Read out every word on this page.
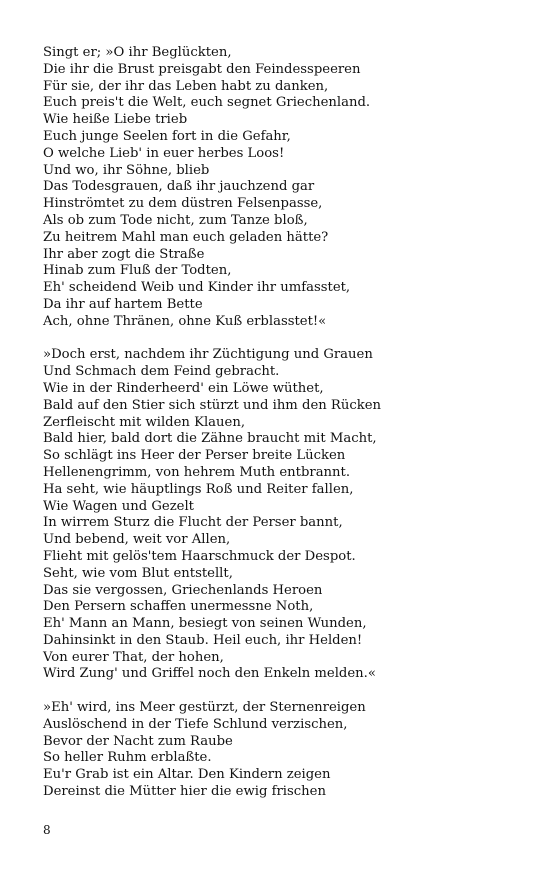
Singt er; »O ihr Beglückten,
Die ihr die Brust preisgabt den Feindesspeeren
Für sie, der ihr das Leben habt zu danken,
Euch preis't die Welt, euch segnet Griechenland.
Wie heiße Liebe trieb
Euch junge Seelen fort in die Gefahr,
O welche Lieb' in euer herbes Loos!
Und wo, ihr Söhne, blieb
Das Todesgrauen, daß ihr jauchzend gar
Hinströmtet zu dem düstren Felsenpasse,
Als ob zum Tode nicht, zum Tanze bloß,
Zu heitrem Mahl man euch geladen hätte?
Ihr aber zogt die Straße
Hinab zum Fluß der Todten,
Eh' scheidend Weib und Kinder ihr umfasstet,
Da ihr auf hartem Bette
Ach, ohne Thränen, ohne Kuß erblasstet!«
»Doch erst, nachdem ihr Züchtigung und Grauen
Und Schmach dem Feind gebracht.
Wie in der Rinderheerd' ein Löwe wüthet,
Bald auf den Stier sich stürzt und ihm den Rücken
Zerfleischt mit wilden Klauen,
Bald hier, bald dort die Zähne braucht mit Macht,
So schlägt ins Heer der Perser breite Lücken
Hellenengrimm, von hehrem Muth entbrannt.
Ha seht, wie häuptlings Roß und Reiter fallen,
Wie Wagen und Gezelt
In wirrem Sturz die Flucht der Perser bannt,
Und bebend, weit vor Allen,
Flieht mit gelös'tem Haarschmuck der Despot.
Seht, wie vom Blut entstellt,
Das sie vergossen, Griechenlands Heroen
Den Persern schaffen unermessne Noth,
Eh' Mann an Mann, besiegt von seinen Wunden,
Dahinsinkt in den Staub. Heil euch, ihr Helden!
Von eurer That, der hohen,
Wird Zung' und Griffel noch den Enkeln melden.«
»Eh' wird, ins Meer gestürzt, der Sternenreigen
Auslöschend in der Tiefe Schlund verzischen,
Bevor der Nacht zum Raube
So heller Ruhm erblaßte.
Eu'r Grab ist ein Altar. Den Kindern zeigen
Dereinst die Mütter hier die ewig frischen
8
